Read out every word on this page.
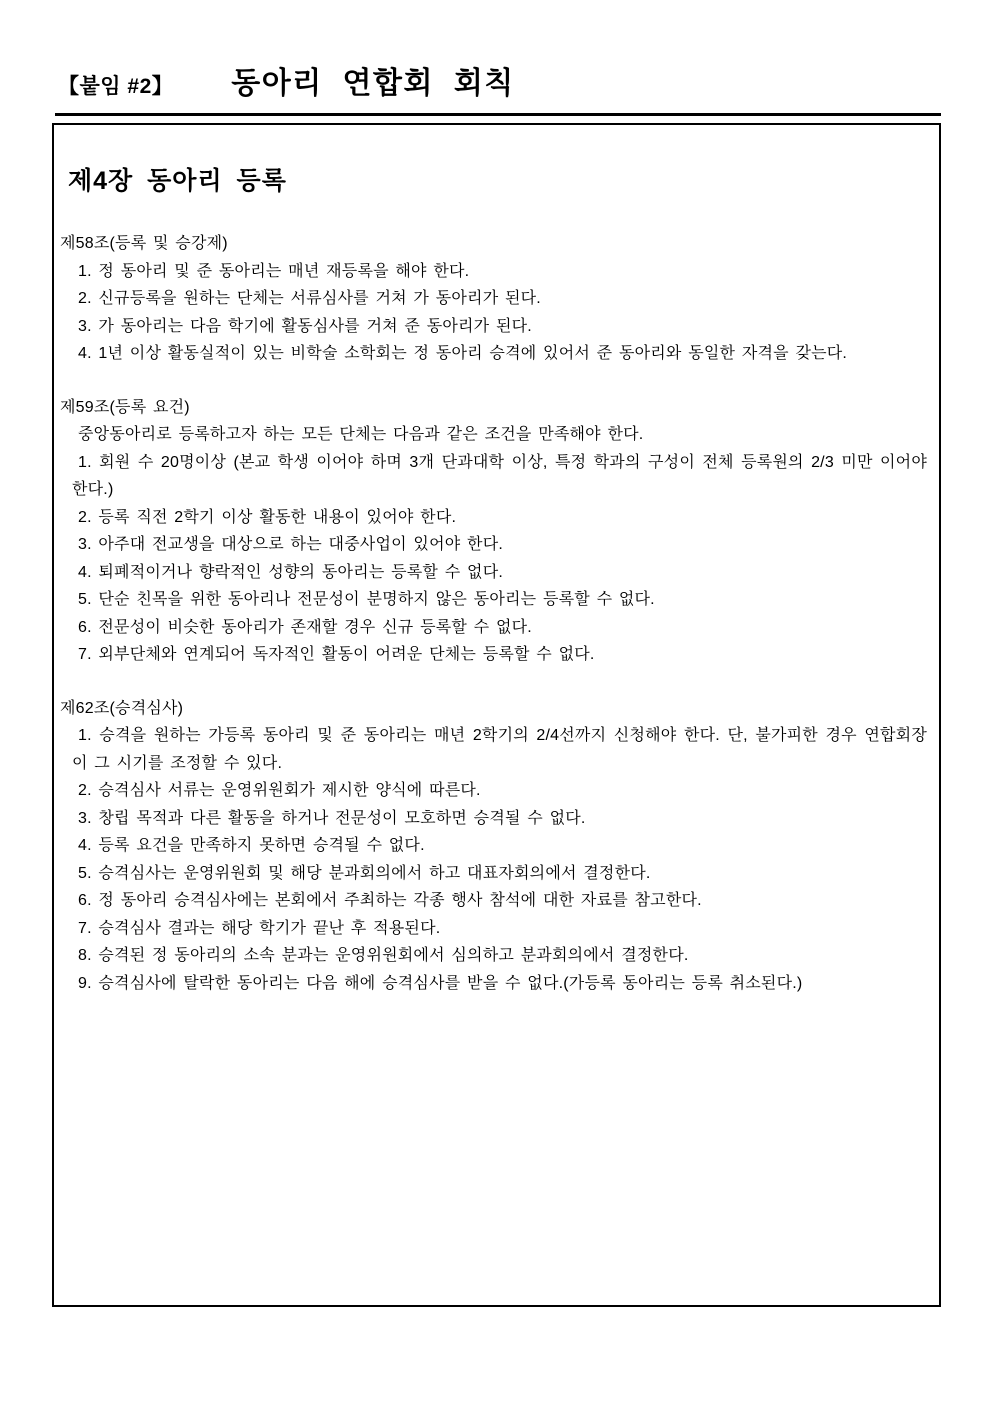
【붙임 #2】 동아리 연합회 회칙
제4장 동아리 등록

제58조(등록 및 승강제)

1. 정 동아리 및 준 동아리는 매년 재등록을 해야 한다.

2. 신규등록을 원하는 단체는 서류심사를 거쳐 가 동아리가 된다.

3. 가 동아리는 다음 학기에 활동심사를 거쳐 준 동아리가 된다.

4. 1년 이상 활동실적이 있는 비학술 소학회는 정 동아리 승격에 있어서 준 동아리와 동일한 자격을 갖는다.

제59조(등록 요건)

중앙동아리로 등록하고자 하는 모든 단체는 다음과 같은 조건을 만족해야 한다.

1. 회원 수 20명이상 (본교 학생 이어야 하며 3개 단과대학 이상, 특정 학과의 구성이 전체 등록원의 2/3 미만 이어야 한다.)

2. 등록 직전 2학기 이상 활동한 내용이 있어야 한다.

3. 아주대 전교생을 대상으로 하는 대중사업이 있어야 한다.

4. 퇴폐적이거나 향락적인 성향의 동아리는 등록할 수 없다.

5. 단순 친목을 위한 동아리나 전문성이 분명하지 않은 동아리는 등록할 수 없다.

6. 전문성이 비슷한 동아리가 존재할 경우 신규 등록할 수 없다.

7. 외부단체와 연계되어 독자적인 활동이 어려운 단체는 등록할 수 없다.

제62조(승격심사)

1. 승격을 원하는 가등록 동아리 및 준 동아리는 매년 2학기의 2/4선까지 신청해야 한다. 단, 불가피한 경우 연합회장이 그 시기를 조정할 수 있다.

2. 승격심사 서류는 운영위원회가 제시한 양식에 따른다.

3. 창립 목적과 다른 활동을 하거나 전문성이 모호하면 승격될 수 없다.

4. 등록 요건을 만족하지 못하면 승격될 수 없다.

5. 승격심사는 운영위원회 및 해당 분과회의에서 하고 대표자회의에서 결정한다.

6. 정 동아리 승격심사에는 본회에서 주최하는 각종 행사 참석에 대한 자료를 참고한다.

7. 승격심사 결과는 해당 학기가 끝난 후 적용된다.

8. 승격된 정 동아리의 소속 분과는 운영위원회에서 심의하고 분과회의에서 결정한다.

9. 승격심사에 탈락한 동아리는 다음 해에 승격심사를 받을 수 없다.(가등록 동아리는 등록 취소된다.)
